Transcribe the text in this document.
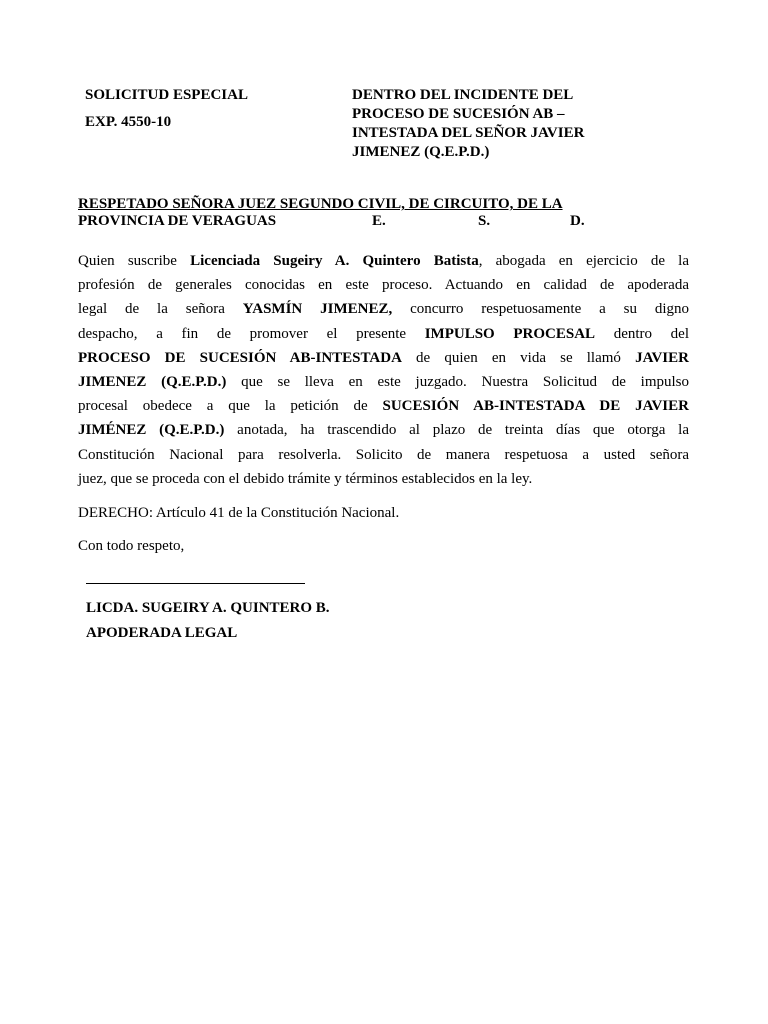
SOLICITUD ESPECIAL
EXP. 4550-10
DENTRO DEL INCIDENTE DEL
PROCESO DE SUCESIÓN AB –
INTESTADA DEL SEÑOR JAVIER
JIMENEZ (Q.E.P.D.)
RESPETADO SEÑORA JUEZ SEGUNDO CIVIL, DE CIRCUITO, DE LA
PROVINCIA DE VERAGUAS
	E.	S.	D.
Quien suscribe Licenciada Sugeiry A. Quintero Batista, abogada en ejercicio de la
profesión de generales conocidas en este proceso. Actuando en calidad de apoderada
legal de la señora YASMÍN JIMENEZ, concurro respetuosamente a su digno
despacho, a fin de promover el presente IMPULSO PROCESAL dentro del
PROCESO DE SUCESIÓN AB-INTESTADA de quien en vida se llamó JAVIER
JIMENEZ (Q.E.P.D.) que se lleva en este juzgado. Nuestra Solicitud de impulso
procesal obedece a que la petición de SUCESIÓN AB-INTESTADA DE JAVIER
JIMÉNEZ (Q.E.P.D.) anotada, ha trascendido al plazo de treinta días que otorga la
Constitución Nacional para resolverla. Solicito de manera respetuosa a usted señora
juez, que se proceda con el debido trámite y términos establecidos en la ley.
DERECHO: Artículo 41 de la Constitución Nacional.
Con todo respeto,
LICDA. SUGEIRY A. QUINTERO B.
APODERADA LEGAL
